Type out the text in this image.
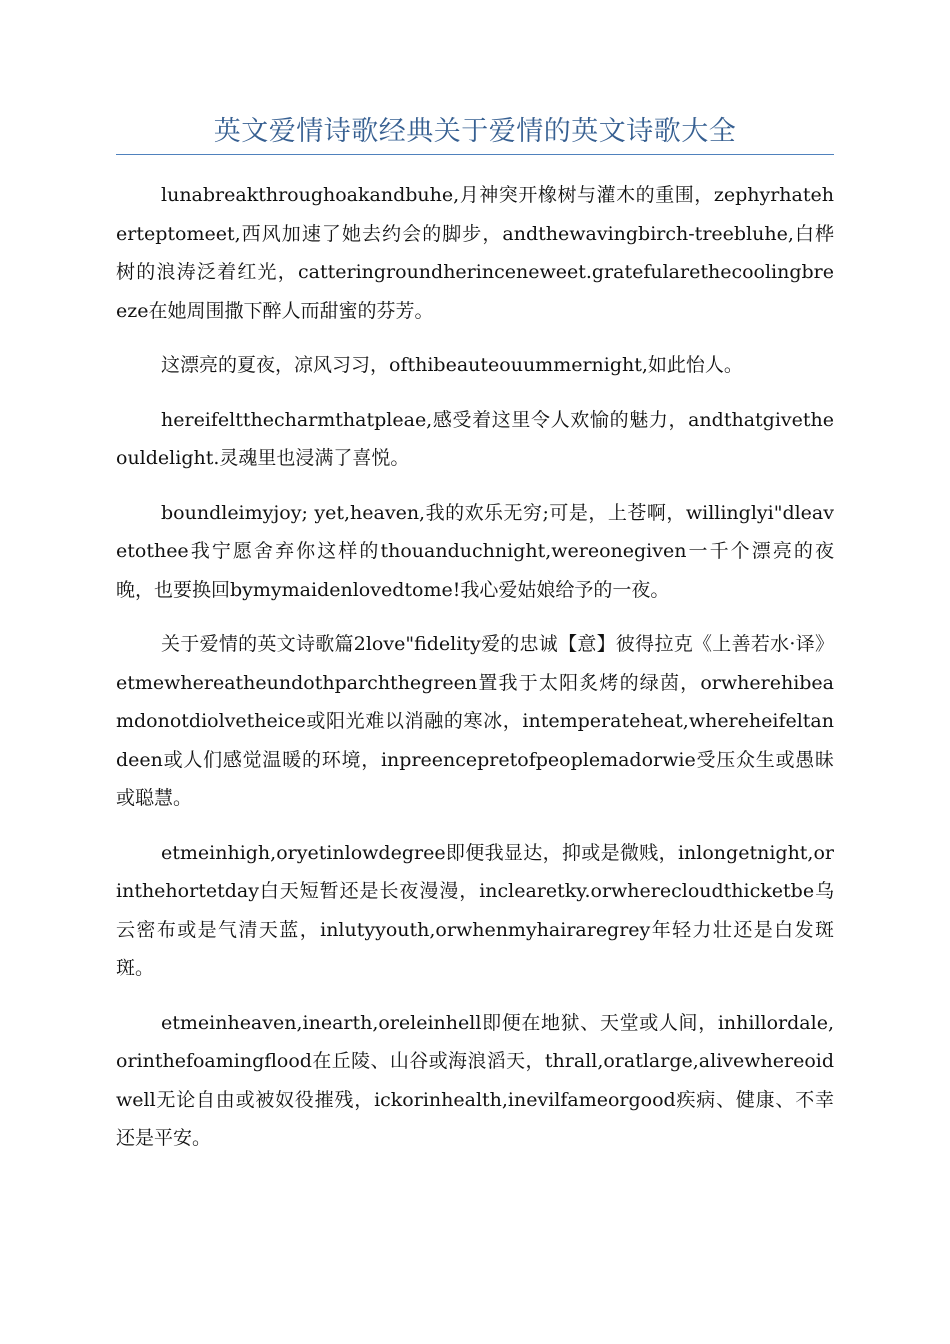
英文爱情诗歌经典关于爱情的英文诗歌大全

lunabreakthroughoakandbuhe,月神突开橡树与灌木的重围，zephyrhateherteptomeet,西风加速了她去约会的脚步，andthewavingbirch-treebluhe,白桦树的浪涛泛着红光，catteringroundherinceneweet.gratefularethecoolingbreeze在她周围撒下醉人而甜蜜的芬芳。

这漂亮的夏夜，凉风习习，ofthibeauteouummernight,如此怡人。

hereifeltthecharmthatpleae,感受着这里令人欢愉的魅力，andthatgivetheouldelight.灵魂里也浸满了喜悦。

boundleimyjoy; yet,heaven,我的欢乐无穷;可是，上苍啊，willinglyi"dleavetothee我宁愿舍弃你这样的thouanduchnight,wereonegiven一千个漂亮的夜晚，也要换回bymymaidenlovedtome!我心爱姑娘给予的一夜。

关于爱情的英文诗歌篇2love"fidelity爱的忠诚【意】彼得拉克《上善若水·译》etmewhereatheundothparchthegreen置我于太阳炙烤的绿茵，orwherehibeamdonotdiolvetheice或阳光难以消融的寒冰，intemperateheat,whereheifeltandeen或人们感觉温暖的环境，inpreencepretofpeoplemadorwie受压众生或愚昧或聪慧。

etmeinhigh,oryetinlowdegree即便我显达，抑或是微贱，inlongetnight,orinthehortetday白天短暂还是长夜漫漫，inclearetky.orwherecloudthicketbe乌云密布或是气清天蓝，inlutyyouth,orwhenmyhairaregrey年轻力壮还是白发斑斑。

etmeinheaven,inearth,oreleinhell即便在地狱、天堂或人间，inhillordale,orinthefoamingflood在丘陵、山谷或海浪滔天，thrall,oratlarge,alivewhereoidwell无论自由或被奴役摧残，ickorinhealth,inevilfameorgood疾病、健康、不幸还是平安。
